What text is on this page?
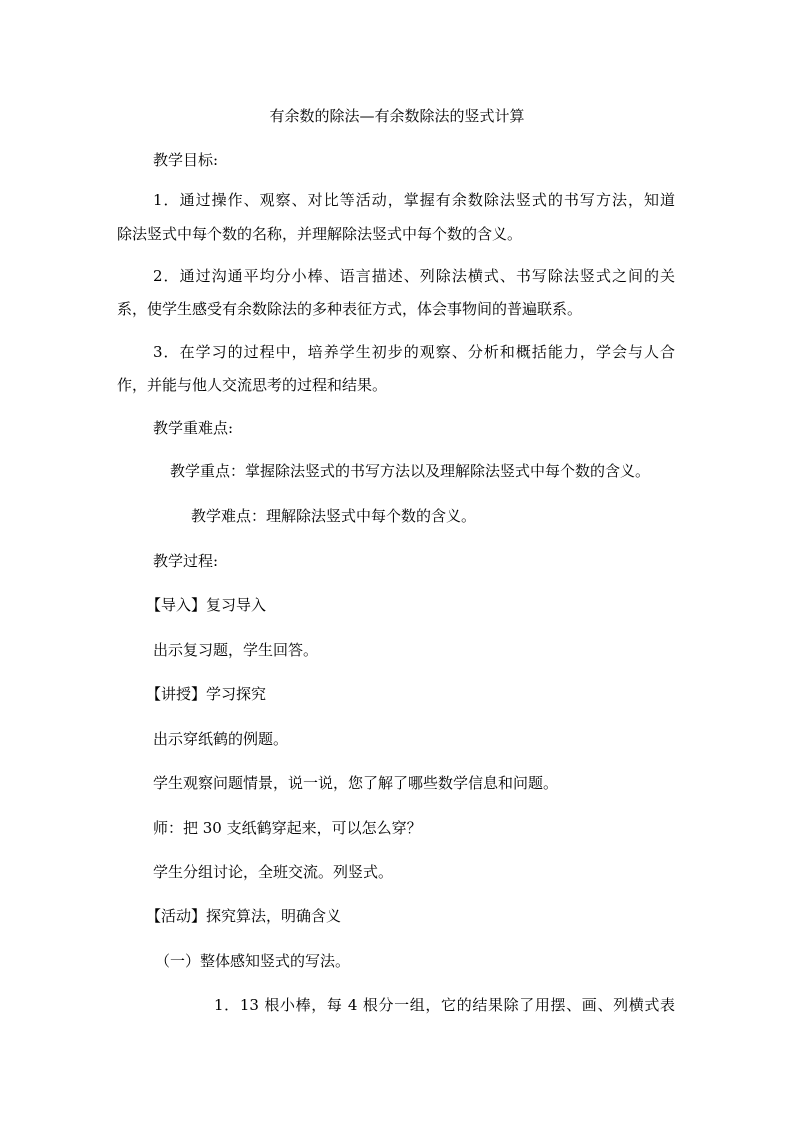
有余数的除法—有余数除法的竖式计算
教学目标:
1．通过操作、观察、对比等活动，掌握有余数除法竖式的书写方法，知道
除法竖式中每个数的名称，并理解除法竖式中每个数的含义。
2．通过沟通平均分小棒、语言描述、列除法横式、书写除法竖式之间的关
系，使学生感受有余数除法的多种表征方式，体会事物间的普遍联系。
3．在学习的过程中，培养学生初步的观察、分析和概括能力，学会与人合
作，并能与他人交流思考的过程和结果。
教学重难点:
教学重点：掌握除法竖式的书写方法以及理解除法竖式中每个数的含义。
教学难点：理解除法竖式中每个数的含义。
教学过程:
【导入】复习导入
出示复习题，学生回答。
【讲授】学习探究
出示穿纸鹤的例题。
学生观察问题情景，说一说，您了解了哪些数学信息和问题。
师：把 30 支纸鹤穿起来，可以怎么穿？
学生分组讨论，全班交流。列竖式。
【活动】探究算法，明确含义
（一）整体感知竖式的写法。
1．13 根小棒，每 4 根分一组，它的结果除了用摆、画、列横式表
